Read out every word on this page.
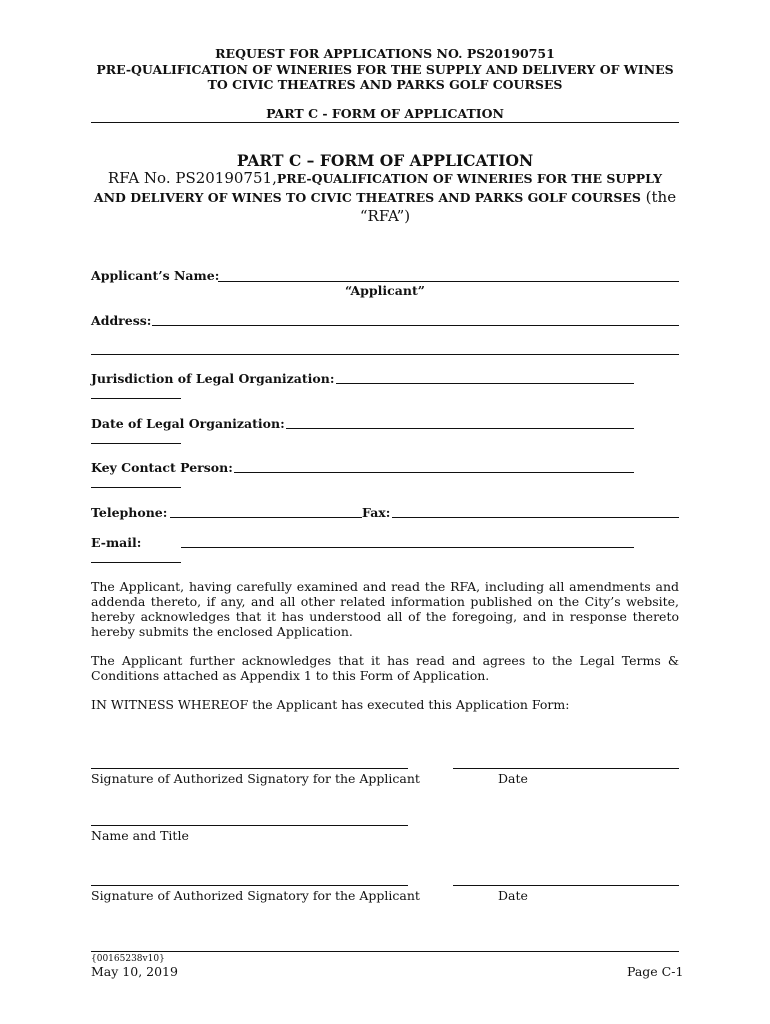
REQUEST FOR APPLICATIONS NO. PS20190751
PRE-QUALIFICATION OF WINERIES FOR THE SUPPLY AND DELIVERY OF WINES
TO CIVIC THEATRES AND PARKS GOLF COURSES
PART C - FORM OF APPLICATION
PART C – FORM OF APPLICATION
RFA No. PS20190751,PRE-QUALIFICATION OF WINERIES FOR THE SUPPLY AND DELIVERY OF WINES TO CIVIC THEATRES AND PARKS GOLF COURSES (the “RFA”)
Applicant’s Name:
“Applicant”
Address:
Jurisdiction of Legal Organization:
Date of Legal Organization:
Key Contact Person:
Telephone:	Fax:
E-mail:
The Applicant, having carefully examined and read the RFA, including all amendments and addenda thereto, if any, and all other related information published on the City’s website, hereby acknowledges that it has understood all of the foregoing, and in response thereto hereby submits the enclosed Application.
The Applicant further acknowledges that it has read and agrees to the Legal Terms & Conditions attached as Appendix 1 to this Form of Application.
IN WITNESS WHEREOF the Applicant has executed this Application Form:
Signature of Authorized Signatory for the Applicant	Date
Name and Title
Signature of Authorized Signatory for the Applicant	Date
{00165238v10}
May 10, 2019	Page C-1
